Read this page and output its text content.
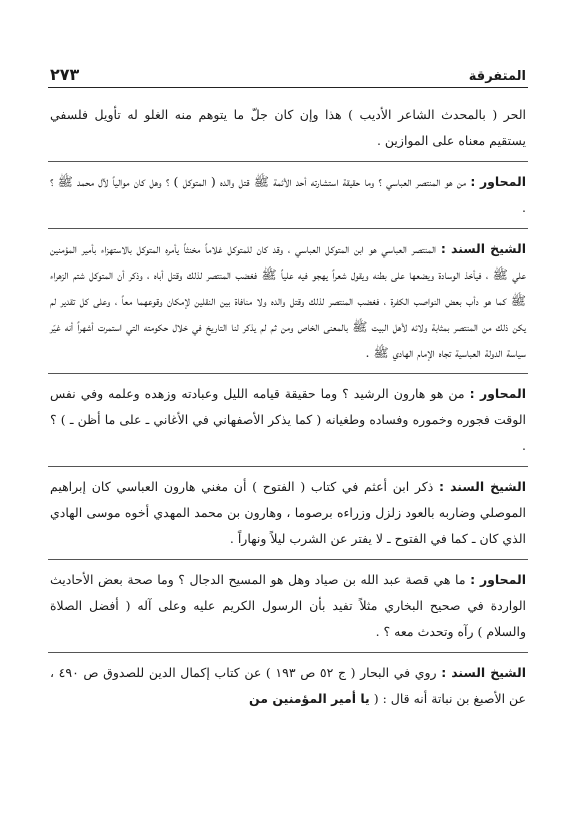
المتفرقة
٢٧٣

الحر ( بالمحدث الشاعر الأديب ) هذا وإن كان جلّ ما يتوهم منه الغلو له تأويل فلسفي يستقيم معناه على الموازين .

المحاور : من هو المنتصر العباسي ؟ وما حقيقة استشارته أحد الأئمة ﷺ قتل والده ( المتوكل ) ؟ وهل كان موالياً لآل محمد ﷺ ؟ .

الشيخ السند : المنتصر العباسي هو ابن المتوكل العباسي ، وقد كان للمتوكل غلاماً مخنثاً يأمره المتوكل بالاستهزاء بأمير المؤمنين علي ﷺ ، فيأخذ الوسادة ويضعها على بطنه ويقول شعراً يهجو فيه علياً ﷺ فغضب المنتصر لذلك وقتل أباه ، وذكر أن المتوكل شتم الزهراء ﷺ كما هو دأب بعض النواصب الكفرة ، فغضب المنتصر لذلك وقتل والده ولا منافاة بين النقلين لإمكان وقوعهما معاً ، وعلى كل تقدير لم يكن ذلك من المنتصر بمثابة ولائه لأهل البيت ﷺ بالمعنى الخاص ومن ثم لم يذكر لنا التاريخ في خلال حكومته التي استمرت أشهراً أنه غيّر سياسة الدولة العباسية تجاه الإمام الهادي ﷺ .

المحاور : من هو هارون الرشيد ؟ وما حقيقة قيامه الليل وعبادته وزهده وعلمه وفي نفس الوقت فجوره وخموره وفساده وطغيانه ( كما يذكر الأصفهاني في الأغاني ـ على ما أظن ـ ) ؟ .

الشيخ السند : ذكر ابن أعثم في كتاب ( الفتوح ) أن مغني هارون العباسي كان إبراهيم الموصلي وضاربه بالعود زلزل وزراءه برصوما ، وهارون بن محمد المهدي أخوه موسى الهادي الذي كان ـ كما في الفتوح ـ لا يفتر عن الشرب ليلاً ونهاراً .

المحاور : ما هي قصة عبد الله بن صياد وهل هو المسيح الدجال ؟ وما صحة بعض الأحاديث الواردة في صحيح البخاري مثلاً تفيد بأن الرسول الكريم عليه وعلى آله ( أفضل الصلاة والسلام ) رآه وتحدث معه ؟ .

الشيخ السند : روي في البحار ( ج ٥٢ ص ١٩٣ ) عن كتاب إكمال الدين للصدوق ص ٤٩٠ ، عن الأصبغ بن نباتة أنه قال : ( يا أمير المؤمنين من
